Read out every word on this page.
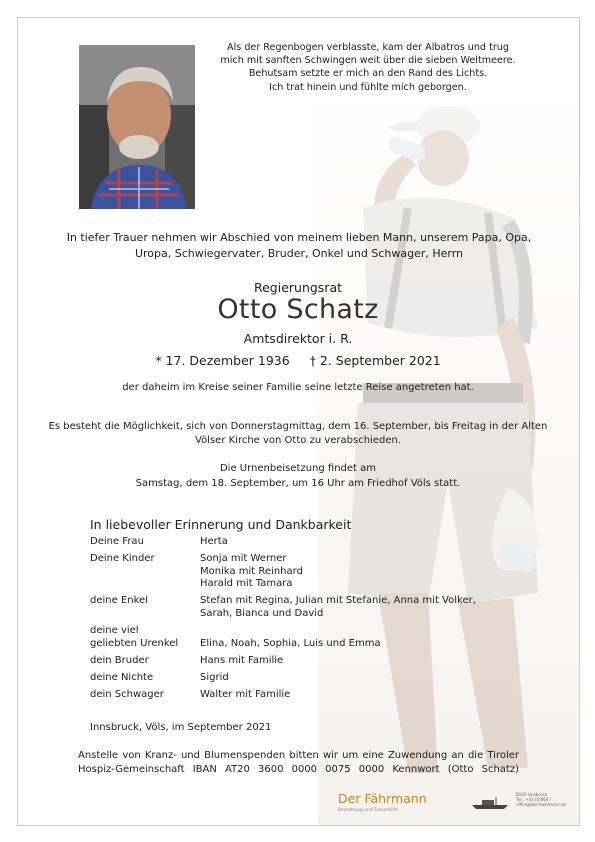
Als der Regenbogen verblasste, kam der Albatros und trug
mich mit sanften Schwingen weit über die sieben Weltmeere.
Behutsam setzte er mich an den Rand des Lichts.
Ich trat hinein und fühlte mich geborgen.
In tiefer Trauer nehmen wir Abschied von meinem lieben Mann, unserem Papa, Opa, Uropa, Schwiegervater, Bruder, Onkel und Schwager, Herrn
Regierungsrat
Otto Schatz
Amtsdirektor i. R.
* 17. Dezember 1936 † 2. September 2021
der daheim im Kreise seiner Familie seine letzte Reise angetreten hat.
Es besteht die Möglichkeit, sich von Donnerstagmittag, dem 16. September, bis Freitag in der Alten Völser Kirche von Otto zu verabschieden.
Die Urnenbeisetzung findet am
Samstag, dem 18. September, um 16 Uhr am Friedhof Völs statt.
In liebevoller Erinnerung und Dankbarkeit
Deine Frau	Herta
Deine Kinder	Sonja mit Werner
Monika mit Reinhard
Harald mit Tamara
deine Enkel	Stefan mit Regina, Julian mit Stefanie, Anna mit Volker,
Sarah, Bianca und David
deine viel
geliebten Urenkel	Elina, Noah, Sophia, Luis und Emma
dein Bruder	Hans mit Familie
deine Nichte	Sigrid
dein Schwager	Walter mit Familie
Innsbruck, Völs, im September 2021
Anstelle von Kranz- und Blumenspenden bitten wir um eine Zuwendung an die Tiroler Hospiz-Gemeinschaft IBAN AT20 3600 0000 0075 0000 Kennwort (Otto Schatz)
Der Fährmann
Bestattung und Trauerhilfe
6020 Innsbruck
Tel.: +43 (0)664 / ...
office@der-faehrmann.at
